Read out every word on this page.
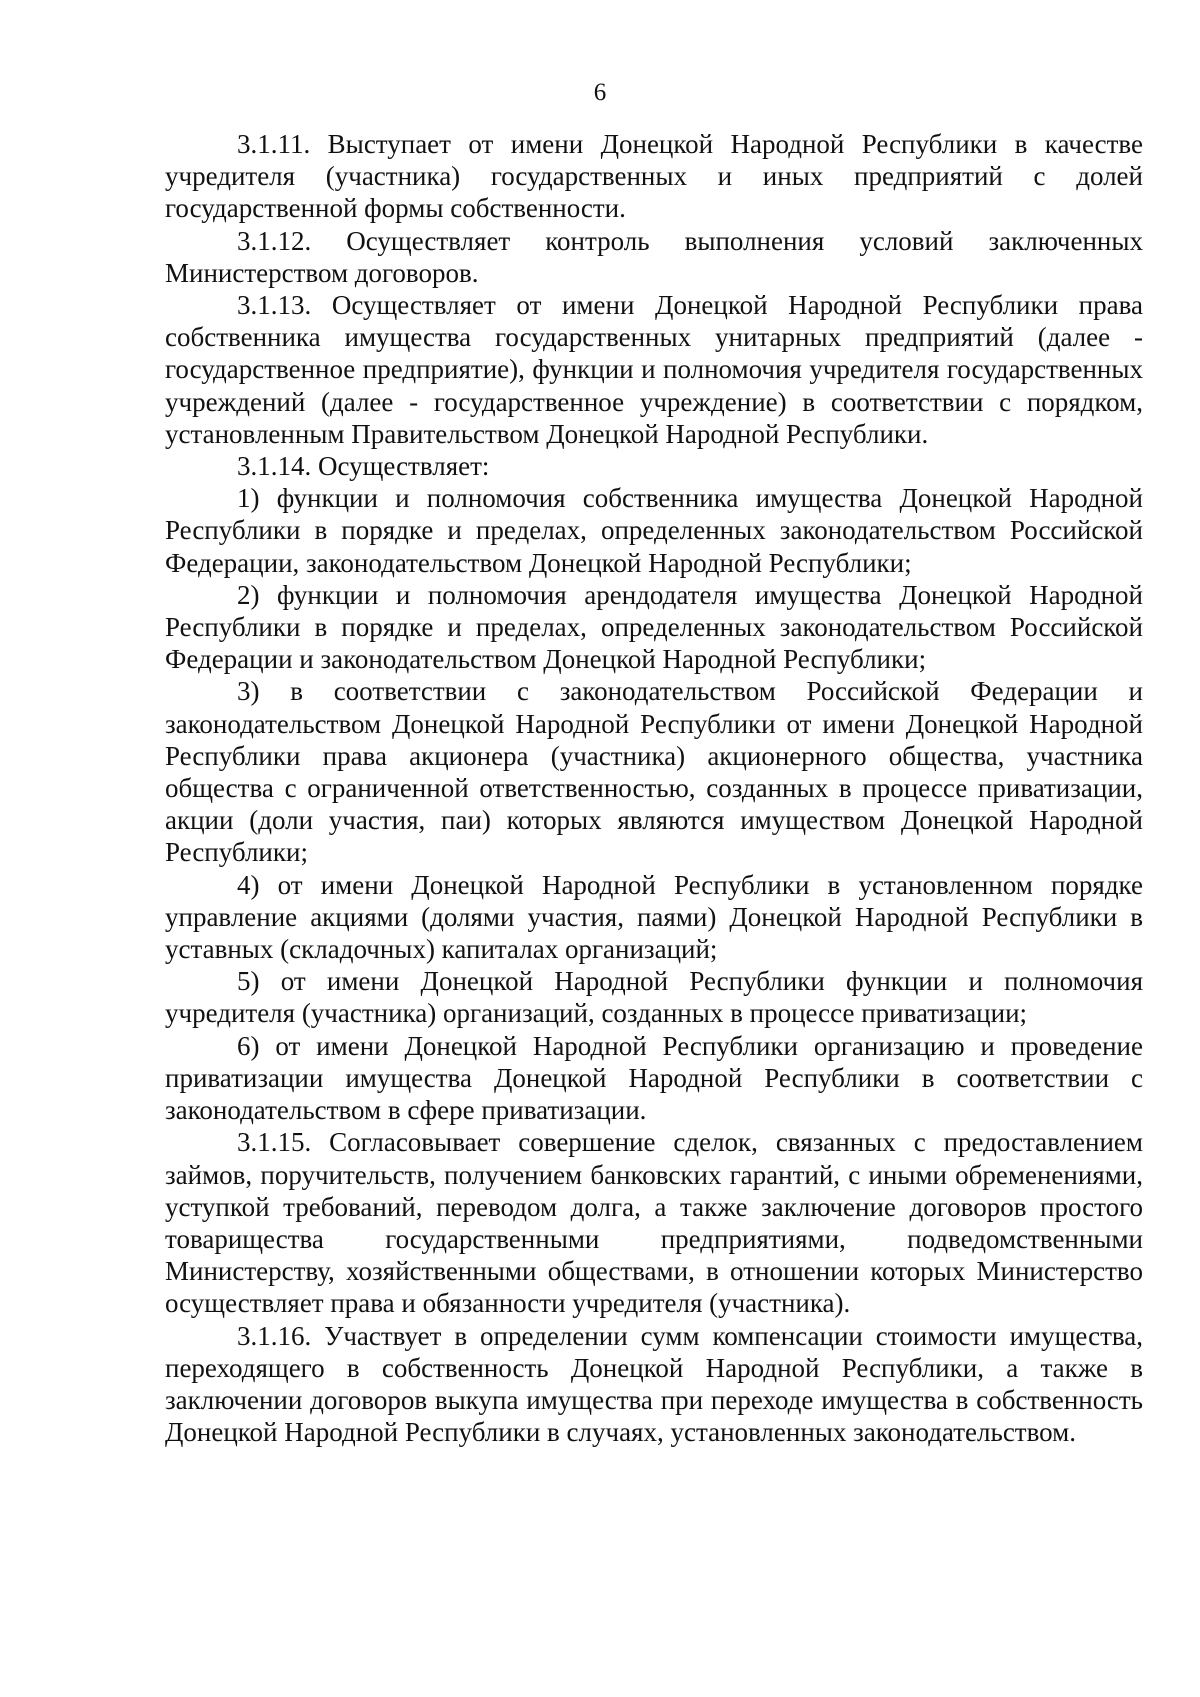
6

3.1.11. Выступает от имени Донецкой Народной Республики в качестве учредителя (участника) государственных и иных предприятий с долей государственной формы собственности.

3.1.12. Осуществляет контроль выполнения условий заключенных Министерством договоров.

3.1.13. Осуществляет от имени Донецкой Народной Республики права собственника имущества государственных унитарных предприятий (далее - государственное предприятие), функции и полномочия учредителя государственных учреждений (далее - государственное учреждение) в соответствии с порядком, установленным Правительством Донецкой Народной Республики.

3.1.14. Осуществляет:

1) функции и полномочия собственника имущества Донецкой Народной Республики в порядке и пределах, определенных законодательством Российской Федерации, законодательством Донецкой Народной Республики;

2) функции и полномочия арендодателя имущества Донецкой Народной Республики в порядке и пределах, определенных законодательством Российской Федерации и законодательством Донецкой Народной Республики;

3) в соответствии с законодательством Российской Федерации и законодательством Донецкой Народной Республики от имени Донецкой Народной Республики права акционера (участника) акционерного общества, участника общества с ограниченной ответственностью, созданных в процессе приватизации, акции (доли участия, паи) которых являются имуществом Донецкой Народной Республики;

4) от имени Донецкой Народной Республики в установленном порядке управление акциями (долями участия, паями) Донецкой Народной Республики в уставных (складочных) капиталах организаций;

5) от имени Донецкой Народной Республики функции и полномочия учредителя (участника) организаций, созданных в процессе приватизации;

6) от имени Донецкой Народной Республики организацию и проведение приватизации имущества Донецкой Народной Республики в соответствии с законодательством в сфере приватизации.

3.1.15. Согласовывает совершение сделок, связанных с предоставлением займов, поручительств, получением банковских гарантий, с иными обременениями, уступкой требований, переводом долга, а также заключение договоров простого товарищества государственными предприятиями, подведомственными Министерству, хозяйственными обществами, в отношении которых Министерство осуществляет права и обязанности учредителя (участника).

3.1.16. Участвует в определении сумм компенсации стоимости имущества, переходящего в собственность Донецкой Народной Республики, а также в заключении договоров выкупа имущества при переходе имущества в собственность Донецкой Народной Республики в случаях, установленных законодательством.
